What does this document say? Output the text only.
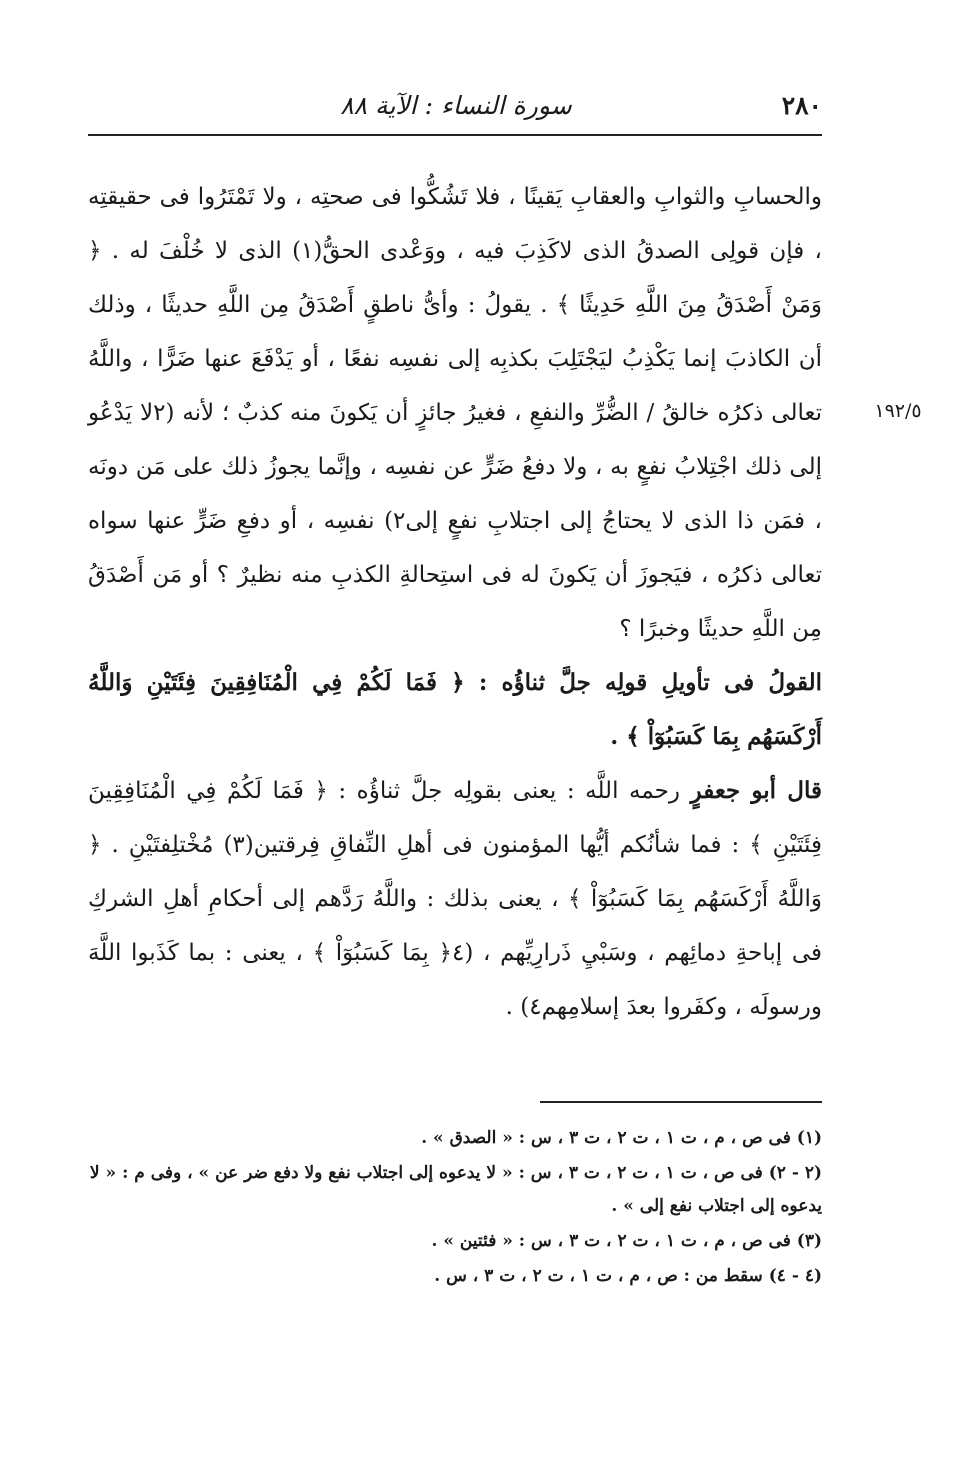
٢٨٠
سورة النساء : الآية ٨٨
١٩٢/٥

والحسابِ والثوابِ والعقابِ يَقينًا ، فلا تَشُكُّوا فى صحتِه ، ولا تَمْتَرُوا فى حقيقتِه ، فإن قولِى الصدقُ الذى لاكَذِبَ فيه ، ووَعْدى الحقُّ(١) الذى لا خُلْفَ له . ﴿ وَمَنْ أَصْدَقُ مِنَ اللَّهِ حَدِيثًا ﴾ . يقولُ : وأىُّ ناطقٍ أَصْدَقُ مِن اللَّهِ حديثًا ، وذلك أن الكاذبَ إنما يَكْذِبُ ليَجْتَلِبَ بكذبِه إلى نفسِه نفعًا ، أو يَدْفَعَ عنها ضَرًّا ، واللَّهُ تعالى ذكرُه خالقُ / الضُّرِّ والنفعِ ، فغيرُ جائزٍ أن يَكونَ منه كذبٌ ؛ لأنه (٢لا يَدْعُو إلى ذلك اجْتِلابُ نفعٍ به ، ولا دفعُ ضَرٍّ عن نفسِه ، وإنَّما يجوزُ ذلك على مَن دونَه ، فمَن ذا الذى لا يحتاجُ إلى اجتلابِ نفعٍ إلى٢) نفسِه ، أو دفعِ ضَرٍّ عنها سواه تعالى ذكرُه ، فيَجوزَ أن يَكونَ له فى استِحالةِ الكذبِ منه نظيرٌ ؟ أو مَن أَصْدَقُ مِن اللَّهِ حديثًا وخبرًا ؟

القولُ فى تأويلِ قولِه جلَّ ثناؤُه : ﴿ فَمَا لَكُمْ فِي الْمُنَافِقِينَ فِئَتَيْنِ وَاللَّهُ أَرْكَسَهُم بِمَا كَسَبُوٓاْ ﴾ .

قال أبو جعفرٍ رحمه اللَّه : يعنى بقولِه جلَّ ثناؤُه : ﴿ فَمَا لَكُمْ فِي الْمُنَافِقِينَ فِئَتَيْنِ ﴾ : فما شأنُكم أيُّها المؤمنون فى أهلِ النِّفاقِ فِرقتين(٣) مُخْتلِفتَيْنِ . ﴿ وَاللَّهُ أَرْكَسَهُم بِمَا كَسَبُوٓاْ ﴾ ، يعنى بذلك : واللَّهُ رَدَّهم إلى أحكامِ أهلِ الشركِ فى إباحةِ دمائِهم ، وسَبْيِ ذَرارِيِّهم ، (٤﴿ بِمَا كَسَبُوٓاْ ﴾ ، يعنى : بما كَذَبوا اللَّهَ ورسولَه ، وكفَروا بعدَ إسلامِهم٤) .

(١) فى ص ، م ، ت ١ ، ت ٢ ، ت ٣ ، س : « الصدق » .

(٢ - ٢) فى ص ، ت ١ ، ت ٢ ، ت ٣ ، س : « لا يدعوه إلى اجتلاب نفع ولا دفع ضر عن » ، وفى م : « لا يدعوه إلى اجتلاب نفع إلى » .

(٣) فى ص ، م ، ت ١ ، ت ٢ ، ت ٣ ، س : « فئتين » .

(٤ - ٤) سقط من : ص ، م ، ت ١ ، ت ٢ ، ت ٣ ، س .
